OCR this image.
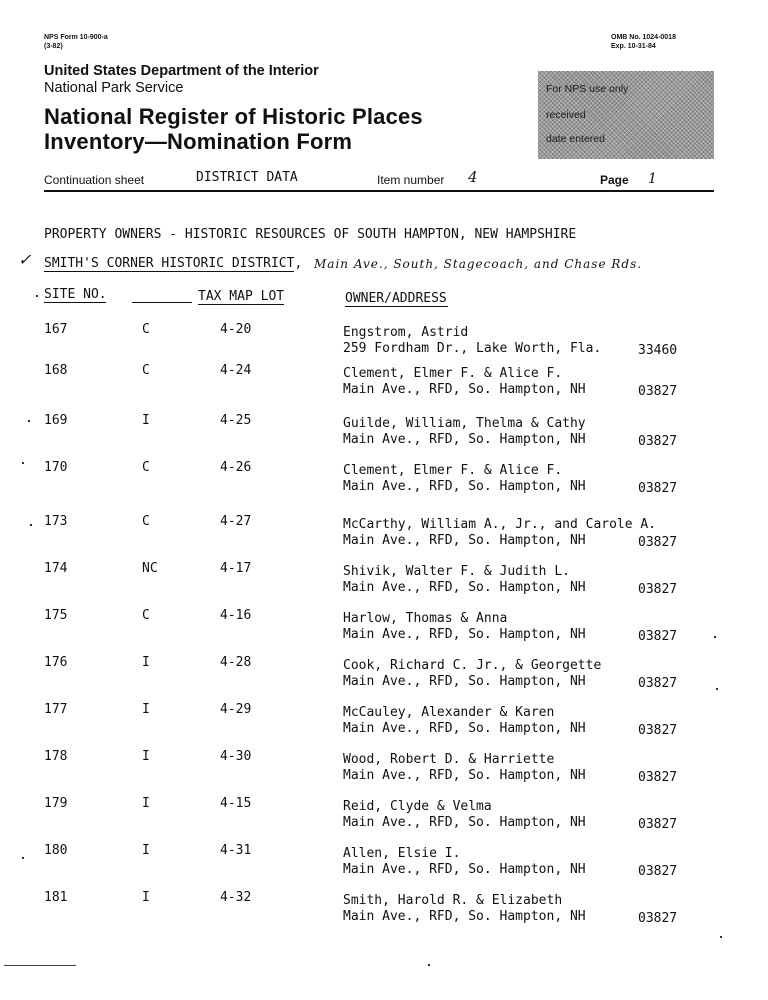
NPS Form 10-900-a
(3-82)
OMB No. 1024-0018
Exp. 10-31-84
United States Department of the Interior
National Park Service
National Register of Historic Places
Inventory—Nomination Form
For NPS use only
received
date entered
Continuation sheet	DISTRICT DATA	Item number 4	Page 1
PROPERTY OWNERS - HISTORIC RESOURCES OF SOUTH HAMPTON, NEW HAMPSHIRE
✓ SMITH'S CORNER HISTORIC DISTRICT, Main Ave., South, Stagecoach, and Chase Rds.
SITE NO.	TAX MAP LOT	OWNER/ADDRESS
167	C	4-20	Engstrom, Astrid
259 Fordham Dr., Lake Worth, Fla.	33460
168	C	4-24	Clement, Elmer F. & Alice F.
Main Ave., RFD, So. Hampton, NH	03827
169	I	4-25	Guilde, William, Thelma & Cathy
Main Ave., RFD, So. Hampton, NH	03827
170	C	4-26	Clement, Elmer F. & Alice F.
Main Ave., RFD, So. Hampton, NH	03827
173	C	4-27	McCarthy, William A., Jr., and Carole A.
Main Ave., RFD, So. Hampton, NH	03827
174	NC	4-17	Shivik, Walter F. & Judith L.
Main Ave., RFD, So. Hampton, NH	03827
175	C	4-16	Harlow, Thomas & Anna
Main Ave., RFD, So. Hampton, NH	03827
176	I	4-28	Cook, Richard C. Jr., & Georgette
Main Ave., RFD, So. Hampton, NH	03827
177	I	4-29	McCauley, Alexander & Karen
Main Ave., RFD, So. Hampton, NH	03827
178	I	4-30	Wood, Robert D. & Harriette
Main Ave., RFD, So. Hampton, NH	03827
179	I	4-15	Reid, Clyde & Velma
Main Ave., RFD, So. Hampton, NH	03827
180	I	4-31	Allen, Elsie I.
Main Ave., RFD, So. Hampton, NH	03827
181	I	4-32	Smith, Harold R. & Elizabeth
Main Ave., RFD, So. Hampton, NH	03827
